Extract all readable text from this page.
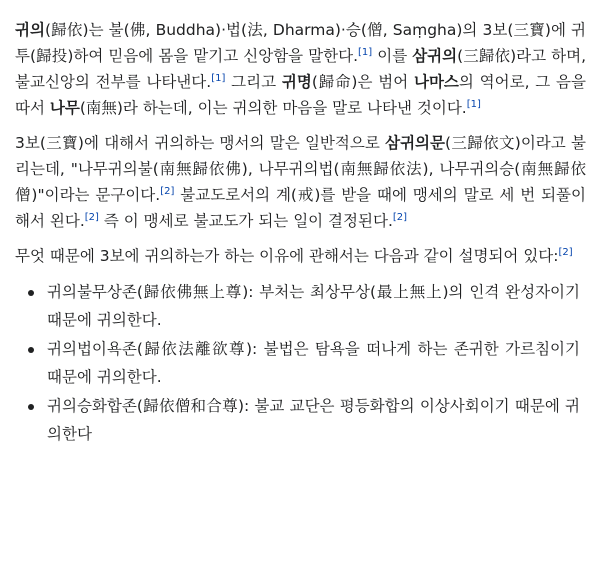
귀의(歸依)는 불(佛, Buddha)·법(法, Dharma)·승(僧, Saṃgha)의 3보(三寶)에 귀투(歸投)하여 믿음에 몸을 맡기고 신앙함을 말한다.[1] 이를 삼귀의(三歸依)라고 하며, 불교신앙의 전부를 나타낸다.[1] 그리고 귀명(歸命)은 범어 나마스의 역어로, 그 음을 따서 나무(南無)라 하는데, 이는 귀의한 마음을 말로 나타낸 것이다.[1]

3보(三寶)에 대해서 귀의하는 맹서의 말은 일반적으로 삼귀의문(三歸依文)이라고 불리는데, "나무귀의불(南無歸依佛), 나무귀의법(南無歸依法), 나무귀의승(南無歸依僧)"이라는 문구이다.[2] 불교도로서의 계(戒)를 받을 때에 맹세의 말로 세 번 되풀이해서 왼다.[2] 즉 이 맹세로 불교도가 되는 일이 결정된다.[2]

무엇 때문에 3보에 귀의하는가 하는 이유에 관해서는 다음과 같이 설명되어 있다:[2]

귀의불무상존(歸依佛無上尊): 부처는 최상무상(最上無上)의 인격 완성자이기 때문에 귀의한다.
귀의법이욕존(歸依法離欲尊): 불법은 탐욕을 떠나게 하는 존귀한 가르침이기 때문에 귀의한다.
귀의승화합존(歸依僧和合尊): 불교 교단은 평등화합의 이상사회이기 때문에 귀의한다
